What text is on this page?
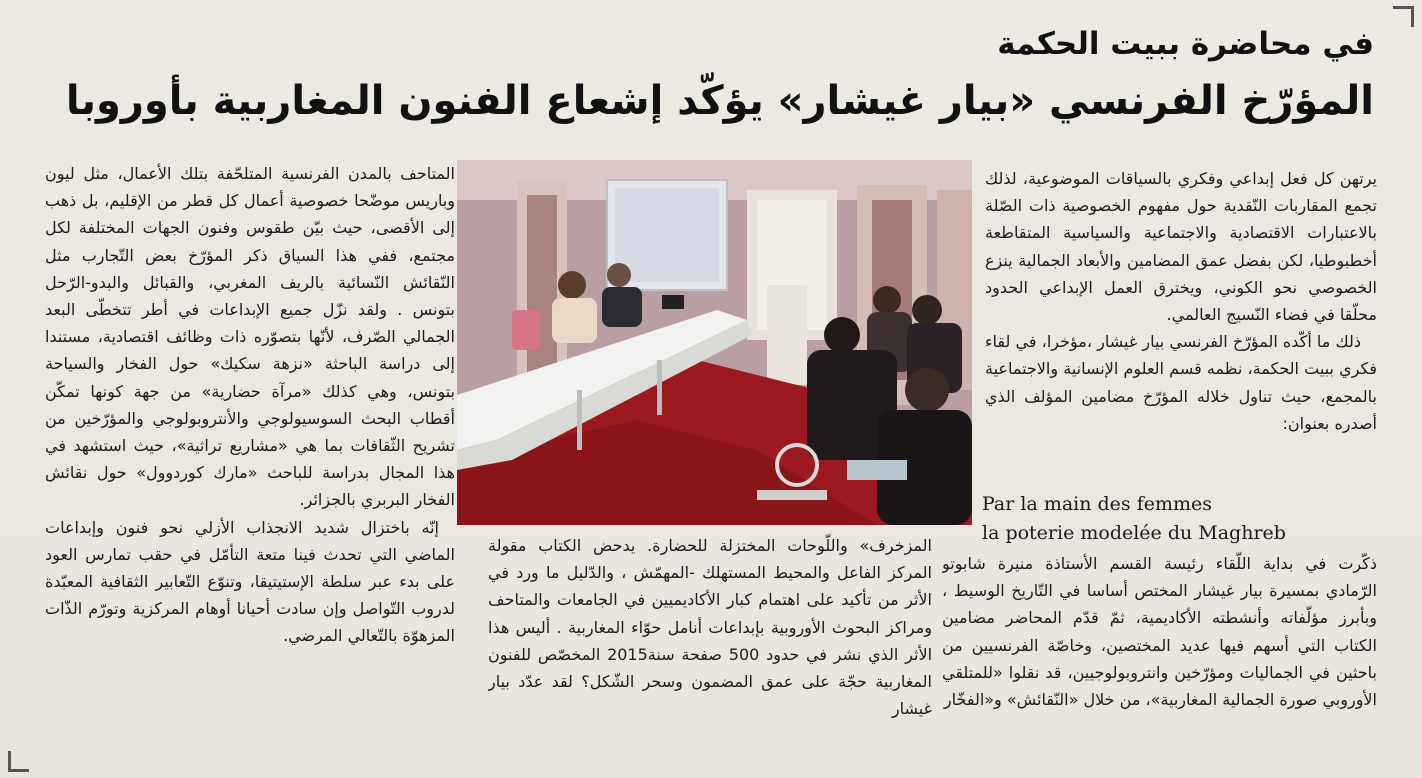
في محاضرة ببيت الحكمة
المؤرّخ الفرنسي «بيار غيشار» يؤكّد إشعاع الفنون المغاربية بأوروبا

يرتهن كل فعل إبداعي وفكري بالسياقات الموضوعية، لذلك تجمع المقاربات النّقدية حول مفهوم الخصوصية ذات الصّلة بالاعتبارات الاقتصادية والاجتماعية والسياسية المتقاطعة أخطبوطيا، لكن بفضل عمق المضامين والأبعاد الجمالية ينزع الخصوصي نحو الكوني، ويخترق العمل الإبداعي الحدود محلّقا في فضاء النّسيج العالمي.

ذلك ما أكّده المؤرّخ الفرنسي بيار غيشار ،مؤخرا، في لقاء فكري ببيت الحكمة، نظمه قسم العلوم الإنسانية والاجتماعية بالمجمع، حيث تناول خلاله المؤرّخ مضامين المؤلف الذي أصدره بعنوان:

Par la main des femmes
la poterie modelée du Maghreb

ذكّرت في بداية اللّقاء رئيسة القسم الأستاذة منيرة شابوتو الرّمادي بمسيرة بيار غيشار المختص أساسا في التّاريخ الوسيط ، وبأبرز مؤلّفاته وأنشطته الأكاديمية، ثمّ قدّم المحاضر مضامين الكتاب التي أسهم فيها عديد المختصين، وخاصّة الفرنسيين من باحثين في الجماليات ومؤرّخين وانتروبولوجيين، قد نقلوا «للمتلقي الأوروبي صورة الجمالية المغاربية»، من خلال «النّقائش» و«الفخّار

المزخرف» واللّوحات المختزلة للحضارة. يدحض الكتاب مقولة المركز الفاعل والمحيط المستهلك -المهمّش ، والدّليل ما ورد في الأثر من تأكيد على اهتمام كبار الأكاديميين في الجامعات والمتاحف ومراكز البحوث الأوروبية بإبداعات أنامل حوّاء المغاربية . أليس هذا الأثر الذي نشر في حدود 500 صفحة سنة2015 المخصّص للفنون المغاربية حجّة على عمق المضمون وسحر الشّكل؟ لقد عدّد بيار غيشار

المتاحف بالمدن الفرنسية المتلحّفة بتلك الأعمال، مثل ليون وباريس موضّحا خصوصية أعمال كل قطر من الإقليم، بل ذهب إلى الأقصى، حيث بيّن طقوس وفنون الجهات المختلفة لكل مجتمع، ففي هذا السياق ذكر المؤرّخ بعض التّجارب مثل النّقائش النّسائية بالريف المغربي، والقبائل والبدو-الرّحل بتونس . ولقد نزّل جميع الإبداعات في أطر تتخطّى البعد الجمالي الصّرف، لأنّها بتصوّره ذات وظائف اقتصادية، مستندا إلى دراسة الباحثة «نزهة سكيك» حول الفخار والسياحة بتونس، وهي كذلك «مرآة حضارية» من جهة كونها تمكّن أقطاب البحث السوسيولوجي والأنتروبولوجي والمؤرّخين من تشريح الثّقافات بما هي «مشاريع تراثية»، حيث استشهد في هذا المجال بدراسة للباحث «مارك كوردوول» حول نقائش الفخار البربري بالجزائر.

إنّه باختزال شديد الانجذاب الأزلي نحو فنون وإبداعات الماضي التي تحدث فينا متعة التأمّل في حقب تمارس العود على بدء عبر سلطة الإستيتيقا، وتنوّع التّعابير الثقافية المعبّدة لدروب التّواصل وإن سادت أحيانا أوهام المركزية وتورّم الذّات المزهوّة بالتّعالي المرضي.
